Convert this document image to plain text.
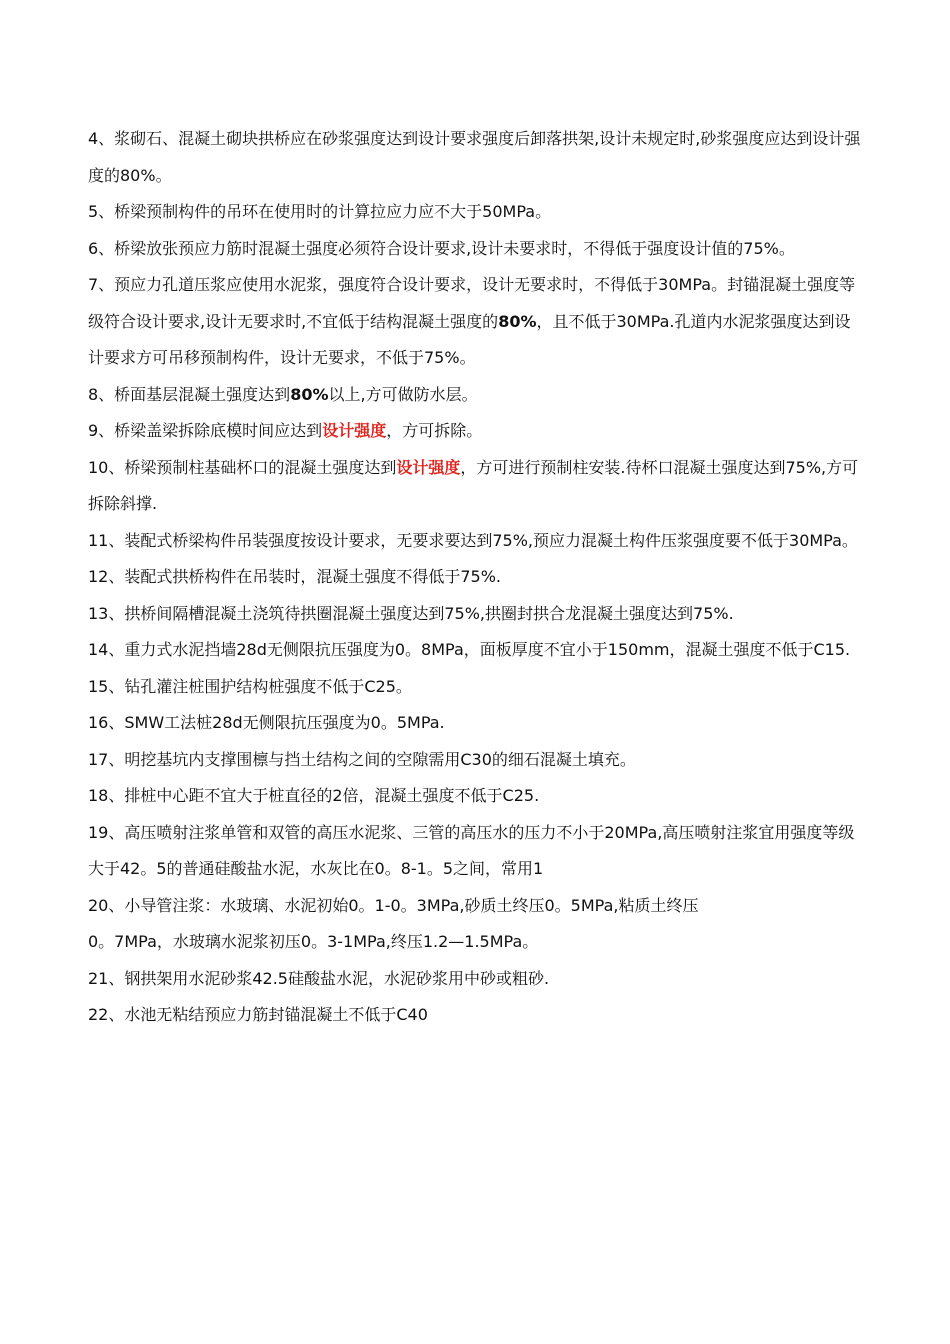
4、浆砌石、混凝土砌块拱桥应在砂浆强度达到设计要求强度后卸落拱架,设计未规定时,砂浆强度应达到设计强度的80%。

5、桥梁预制构件的吊环在使用时的计算拉应力应不大于50MPa。

6、桥梁放张预应力筋时混凝土强度必须符合设计要求,设计未要求时，不得低于强度设计值的75%。

7、预应力孔道压浆应使用水泥浆，强度符合设计要求，设计无要求时，不得低于30MPa。封锚混凝土强度等级符合设计要求,设计无要求时,不宜低于结构混凝土强度的80%，且不低于30MPa.孔道内水泥浆强度达到设计要求方可吊移预制构件，设计无要求，不低于75%。

8、桥面基层混凝土强度达到80%以上,方可做防水层。

9、桥梁盖梁拆除底模时间应达到设计强度，方可拆除。

10、桥梁预制柱基础杯口的混凝土强度达到设计强度，方可进行预制柱安装.待杯口混凝土强度达到75%,方可拆除斜撑.

11、装配式桥梁构件吊装强度按设计要求，无要求要达到75%,预应力混凝土构件压浆强度要不低于30MPa。

12、装配式拱桥构件在吊装时，混凝土强度不得低于75%.

13、拱桥间隔槽混凝土浇筑待拱圈混凝土强度达到75%,拱圈封拱合龙混凝土强度达到75%.

14、重力式水泥挡墙28d无侧限抗压强度为0。8MPa，面板厚度不宜小于150mm，混凝土强度不低于C15.

15、钻孔灌注桩围护结构桩强度不低于C25。

16、SMW工法桩28d无侧限抗压强度为0。5MPa.

17、明挖基坑内支撑围檩与挡土结构之间的空隙需用C30的细石混凝土填充。

18、排桩中心距不宜大于桩直径的2倍，混凝土强度不低于C25.

19、高压喷射注浆单管和双管的高压水泥浆、三管的高压水的压力不小于20MPa,高压喷射注浆宜用强度等级大于42。5的普通硅酸盐水泥，水灰比在0。8-1。5之间，常用1

20、小导管注浆：水玻璃、水泥初始0。1-0。3MPa,砂质土终压0。5MPa,粘质土终压

0。7MPa，水玻璃水泥浆初压0。3-1MPa,终压1.2—1.5MPa。

21、钢拱架用水泥砂浆42.5硅酸盐水泥，水泥砂浆用中砂或粗砂.

22、水池无粘结预应力筋封锚混凝土不低于C40
